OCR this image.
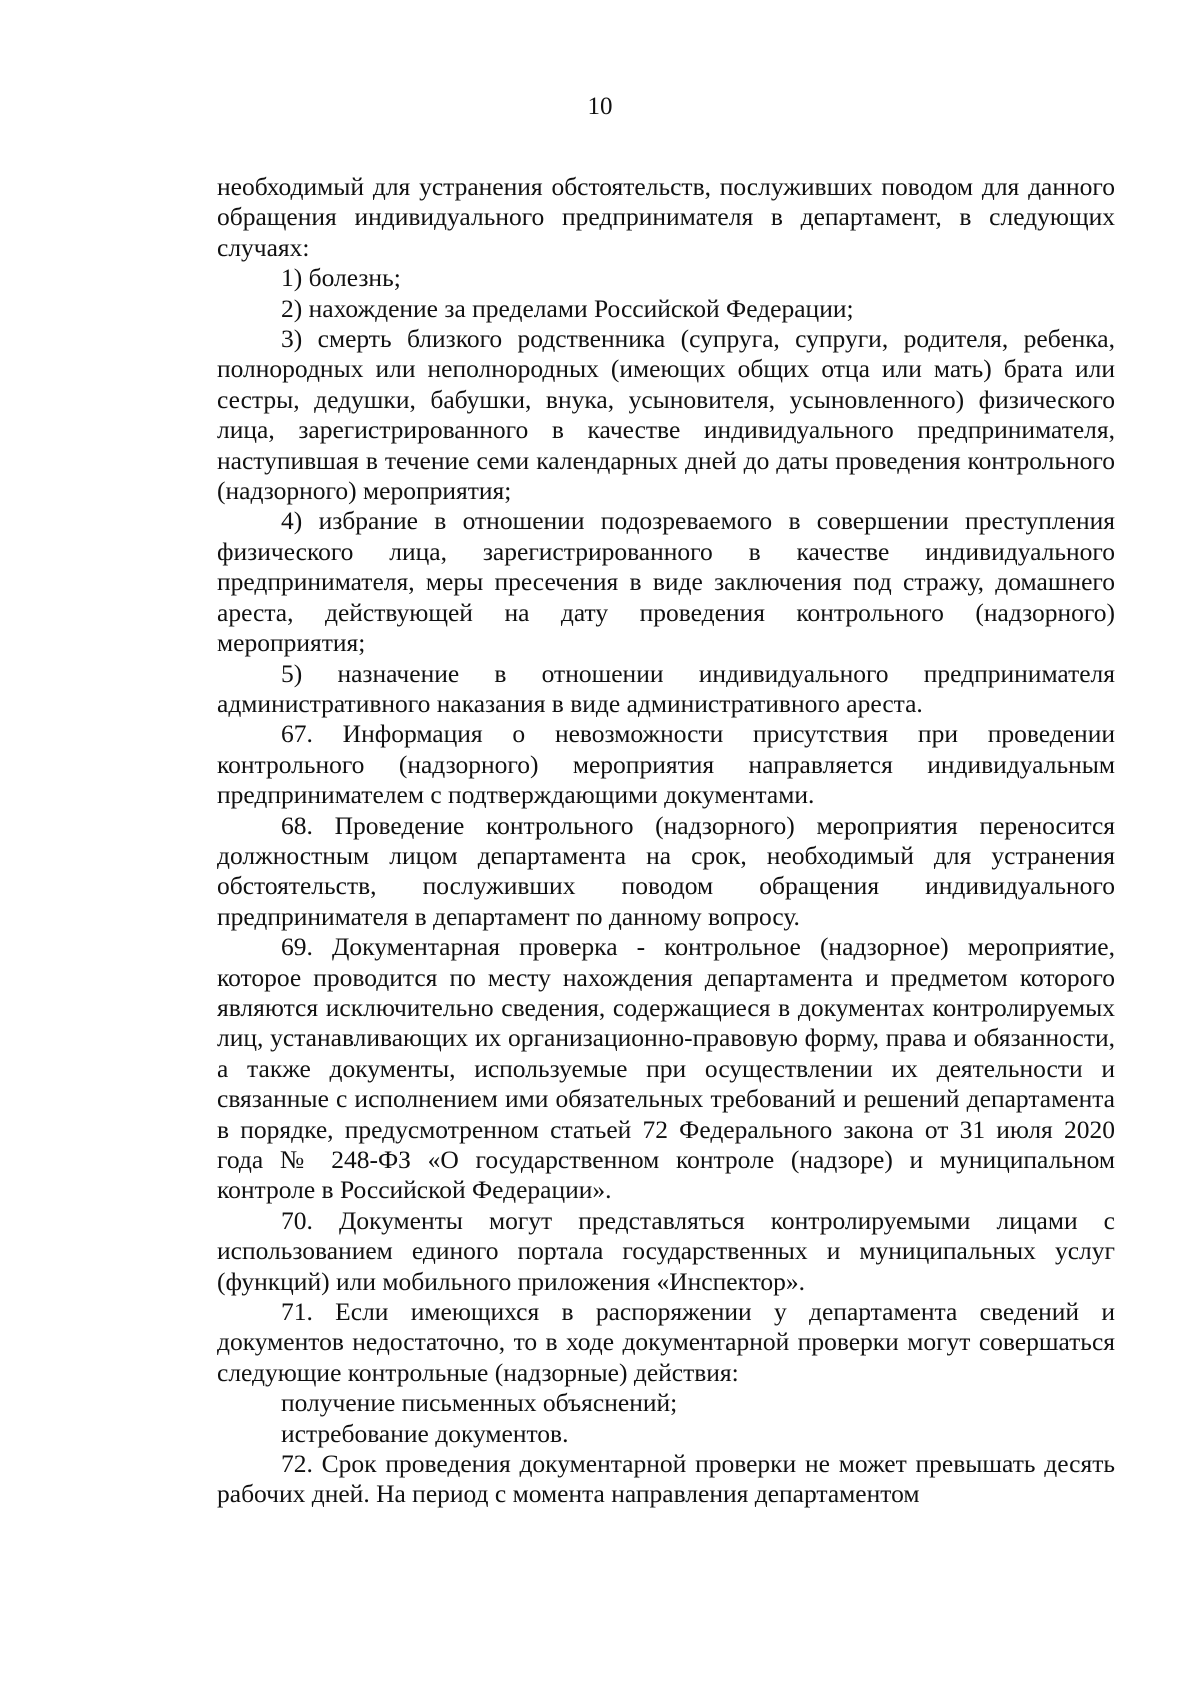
10

необходимый для устранения обстоятельств, послуживших поводом для данного обращения индивидуального предпринимателя в департамент, в следующих случаях:

1) болезнь;

2) нахождение за пределами Российской Федерации;

3) смерть близкого родственника (супруга, супруги, родителя, ребенка, полнородных или неполнородных (имеющих общих отца или мать) брата или сестры, дедушки, бабушки, внука, усыновителя, усыновленного) физического лица, зарегистрированного в качестве индивидуального предпринимателя, наступившая в течение семи календарных дней до даты проведения контрольного (надзорного) мероприятия;

4) избрание в отношении подозреваемого в совершении преступления физического лица, зарегистрированного в качестве индивидуального предпринимателя, меры пресечения в виде заключения под стражу, домашнего ареста, действующей на дату проведения контрольного (надзорного) мероприятия;

5) назначение в отношении индивидуального предпринимателя административного наказания в виде административного ареста.

67. Информация о невозможности присутствия при проведении контрольного (надзорного) мероприятия направляется индивидуальным предпринимателем с подтверждающими документами.

68. Проведение контрольного (надзорного) мероприятия переносится должностным лицом департамента на срок, необходимый для устранения обстоятельств, послуживших поводом обращения индивидуального предпринимателя в департамент по данному вопросу.

69. Документарная проверка - контрольное (надзорное) мероприятие, которое проводится по месту нахождения департамента и предметом которого являются исключительно сведения, содержащиеся в документах контролируемых лиц, устанавливающих их организационно-правовую форму, права и обязанности, а также документы, используемые при осуществлении их деятельности и связанные с исполнением ими обязательных требований и решений департамента в порядке, предусмотренном статьей 72 Федерального закона от 31 июля 2020 года № 248-ФЗ «О государственном контроле (надзоре) и муниципальном контроле в Российской Федерации».

70. Документы могут представляться контролируемыми лицами с использованием единого портала государственных и муниципальных услуг (функций) или мобильного приложения «Инспектор».

71. Если имеющихся в распоряжении у департамента сведений и документов недостаточно, то в ходе документарной проверки могут совершаться следующие контрольные (надзорные) действия:

получение письменных объяснений;

истребование документов.

72. Срок проведения документарной проверки не может превышать десять рабочих дней. На период с момента направления департаментом
